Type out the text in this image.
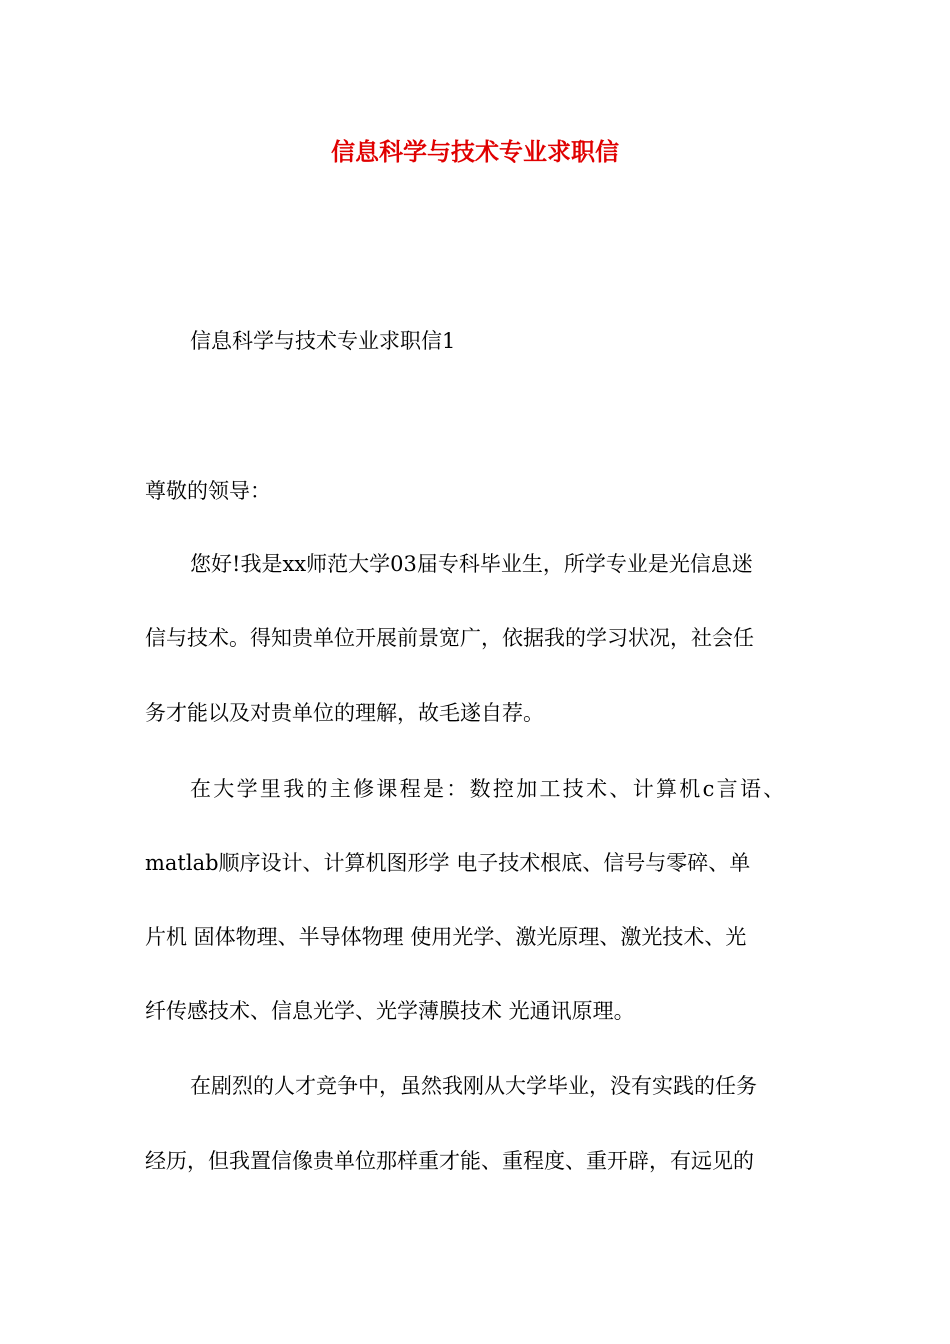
信息科学与技术专业求职信

信息科学与技术专业求职信1

尊敬的领导：

您好!我是xx师范大学03届专科毕业生，所学专业是光信息迷

信与技术。得知贵单位开展前景宽广，依据我的学习状况，社会任

务才能以及对贵单位的理解，故毛遂自荐。

在大学里我的主修课程是：数控加工技术、计算机c言语、

matlab顺序设计、计算机图形学 电子技术根底、信号与零碎、单

片机 固体物理、半导体物理 使用光学、激光原理、激光技术、光

纤传感技术、信息光学、光学薄膜技术 光通讯原理。

在剧烈的人才竞争中，虽然我刚从大学毕业，没有实践的任务

经历，但我置信像贵单位那样重才能、重程度、重开辟，有远见的
